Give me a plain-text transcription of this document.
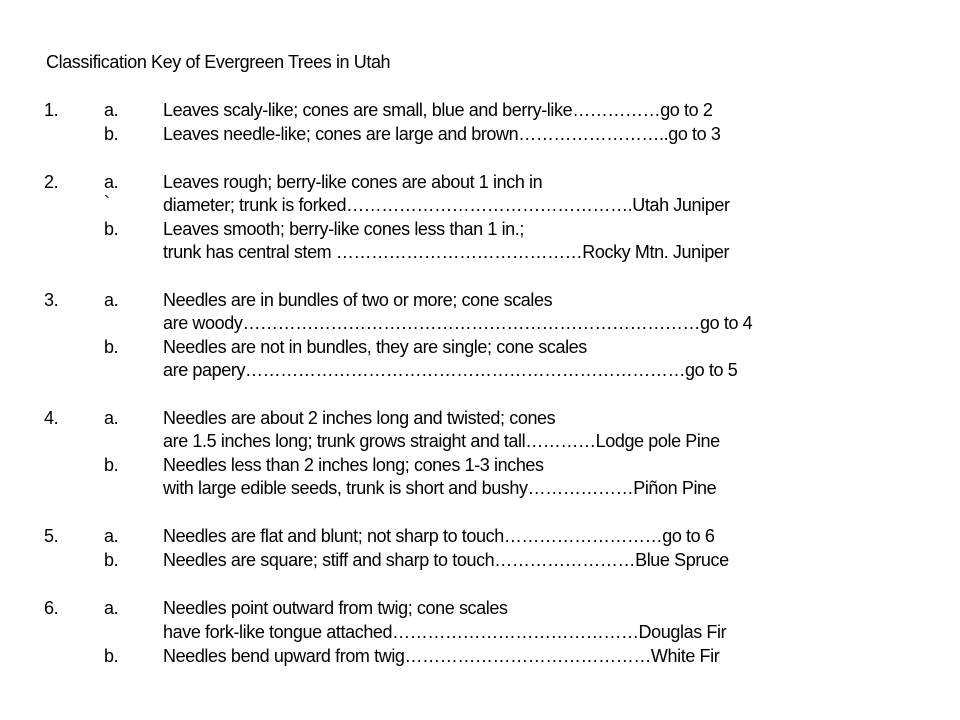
Classification Key of Evergreen Trees in Utah
1.	a. Leaves scaly-like; cones are small, blue and berry-like……………go to 2
b. Leaves needle-like; cones are large and brown……………………..go to 3
2.	a. Leaves rough; berry-like cones are about 1 inch in
`	diameter; trunk is forked………………………………………….Utah Juniper
b. Leaves smooth; berry-like cones less than 1 in.;
trunk has central stem ……………………………………Rocky Mtn. Juniper
3.	a. Needles are in bundles of two or more; cone scales
are woody……………………………………………………………………go to 4
b. Needles are not in bundles, they are single; cone scales
are papery…………………………………………………………………go to 5
4.	a. Needles are about 2 inches long and twisted; cones
are 1.5 inches long; trunk grows straight and tall…………Lodge pole Pine
b. Needles less than 2 inches long; cones 1-3 inches
with large edible seeds, trunk is short and bushy………………Piñon Pine
5.	a. Needles are flat and blunt; not sharp to touch………………………go to 6
b. Needles are square; stiff and sharp to touch……………………Blue Spruce
6.	a. Needles point outward from twig; cone scales
have fork-like tongue attached……………………………………Douglas Fir
b. Needles bend upward from twig……………………………………White Fir
